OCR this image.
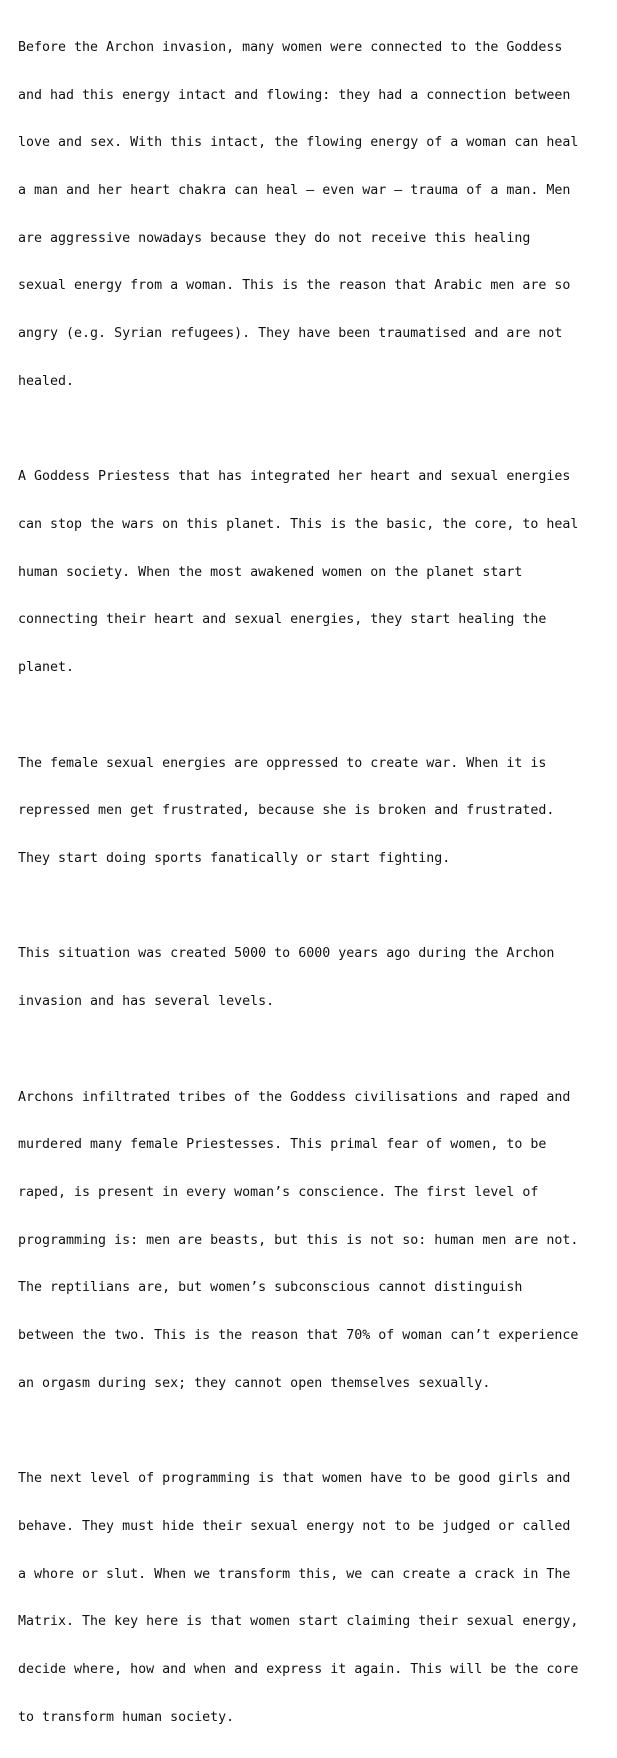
Before the Archon invasion, many women were connected to the Goddess

and had this energy intact and flowing: they had a connection between

love and sex. With this intact, the flowing energy of a woman can heal

a man and her heart chakra can heal – even war – trauma of a man. Men

are aggressive nowadays because they do not receive this healing

sexual energy from a woman. This is the reason that Arabic men are so

angry (e.g. Syrian refugees). They have been traumatised and are not

healed.

A Goddess Priestess that has integrated her heart and sexual energies

can stop the wars on this planet. This is the basic, the core, to heal

human society. When the most awakened women on the planet start

connecting their heart and sexual energies, they start healing the

planet.

The female sexual energies are oppressed to create war. When it is

repressed men get frustrated, because she is broken and frustrated.

They start doing sports fanatically or start fighting.

This situation was created 5000 to 6000 years ago during the Archon

invasion and has several levels.

Archons infiltrated tribes of the Goddess civilisations and raped and

murdered many female Priestesses. This primal fear of women, to be

raped, is present in every woman’s conscience. The first level of

programming is: men are beasts, but this is not so: human men are not.

The reptilians are, but women’s subconscious cannot distinguish

between the two. This is the reason that 70% of woman can’t experience

an orgasm during sex; they cannot open themselves sexually.

The next level of programming is that women have to be good girls and

behave. They must hide their sexual energy not to be judged or called

a whore or slut. When we transform this, we can create a crack in The

Matrix. The key here is that women start claiming their sexual energy,

decide where, how and when and express it again. This will be the core

to transform human society.
